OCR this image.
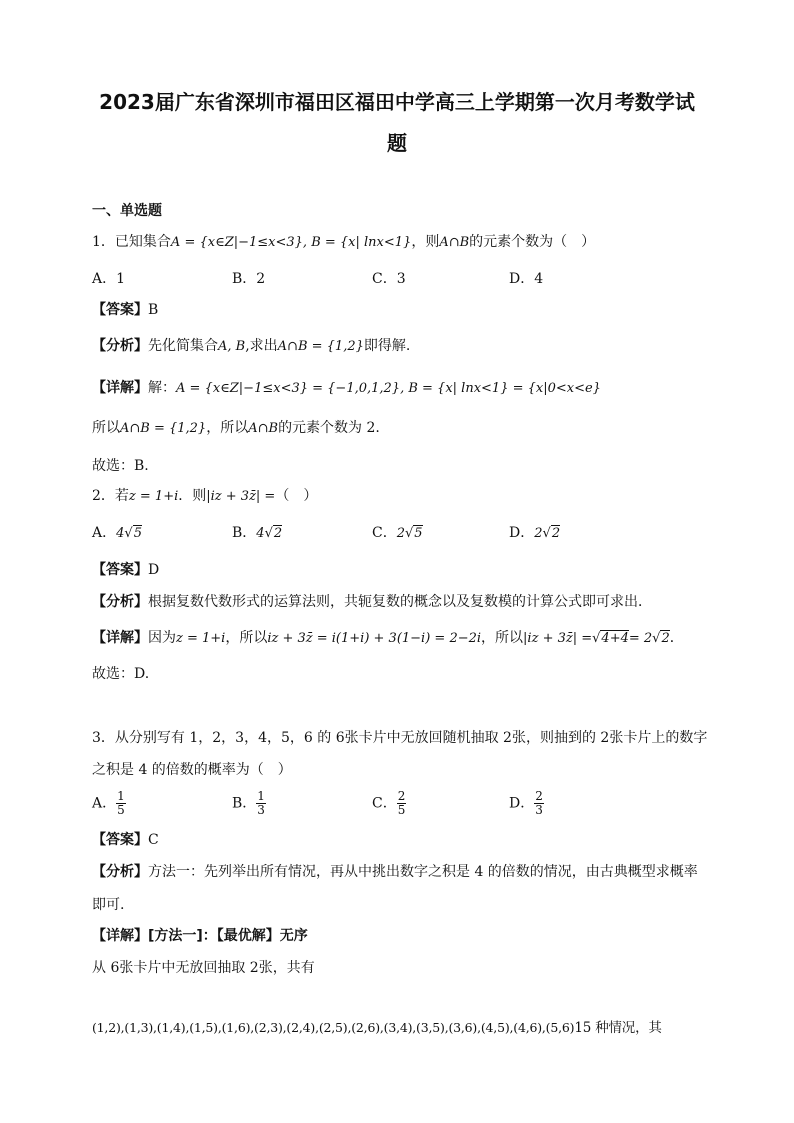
2023届广东省深圳市福田区福田中学高三上学期第一次月考数学试
题
一、单选题
1．已知集合A = {x∈Z|−1≤x<3}, B = {x| lnx<1}，则A∩B的元素个数为（　）
A．1	B．2	C．3	D．4
【答案】B
【分析】先化简集合A, B,求出A∩B = {1,2}即得解.
【详解】解：A = {x∈Z|−1≤x<3} = {−1,0,1,2}, B = {x| lnx<1} = {x|0<x<e}
所以A∩B = {1,2}，所以A∩B的元素个数为 2.
故选：B.
2．若z = 1+i．则|iz + 3z̄| =（　）
A．4√5	B．4√2	C．2√5	D．2√2
【答案】D
【分析】根据复数代数形式的运算法则，共轭复数的概念以及复数模的计算公式即可求出．
【详解】因为z = 1+i，所以iz + 3z̄ = i(1+i) + 3(1−i) = 2−2i，所以|iz + 3z̄| =√4+4= 2√2．
故选：D.
3．从分别写有 1，2，3，4，5，6 的 6张卡片中无放回随机抽取 2张，则抽到的 2张卡片上的数字
之积是 4 的倍数的概率为（　）
A． $\frac{1}{5}$	B． $\frac{1}{3}$	C． $\frac{2}{5}$	D． $\frac{2}{3}$
【答案】C
【分析】方法一：先列举出所有情况，再从中挑出数字之积是 4 的倍数的情况，由古典概型求概率
即可.
【详解】[方法一]：【最优解】无序
从 6张卡片中无放回抽取 2张，共有
(1,2),(1,3),(1,4),(1,5),(1,6),(2,3),(2,4),(2,5),(2,6),(3,4),(3,5),(3,6),(4,5),(4,6),(5,6)15 种情况，其
